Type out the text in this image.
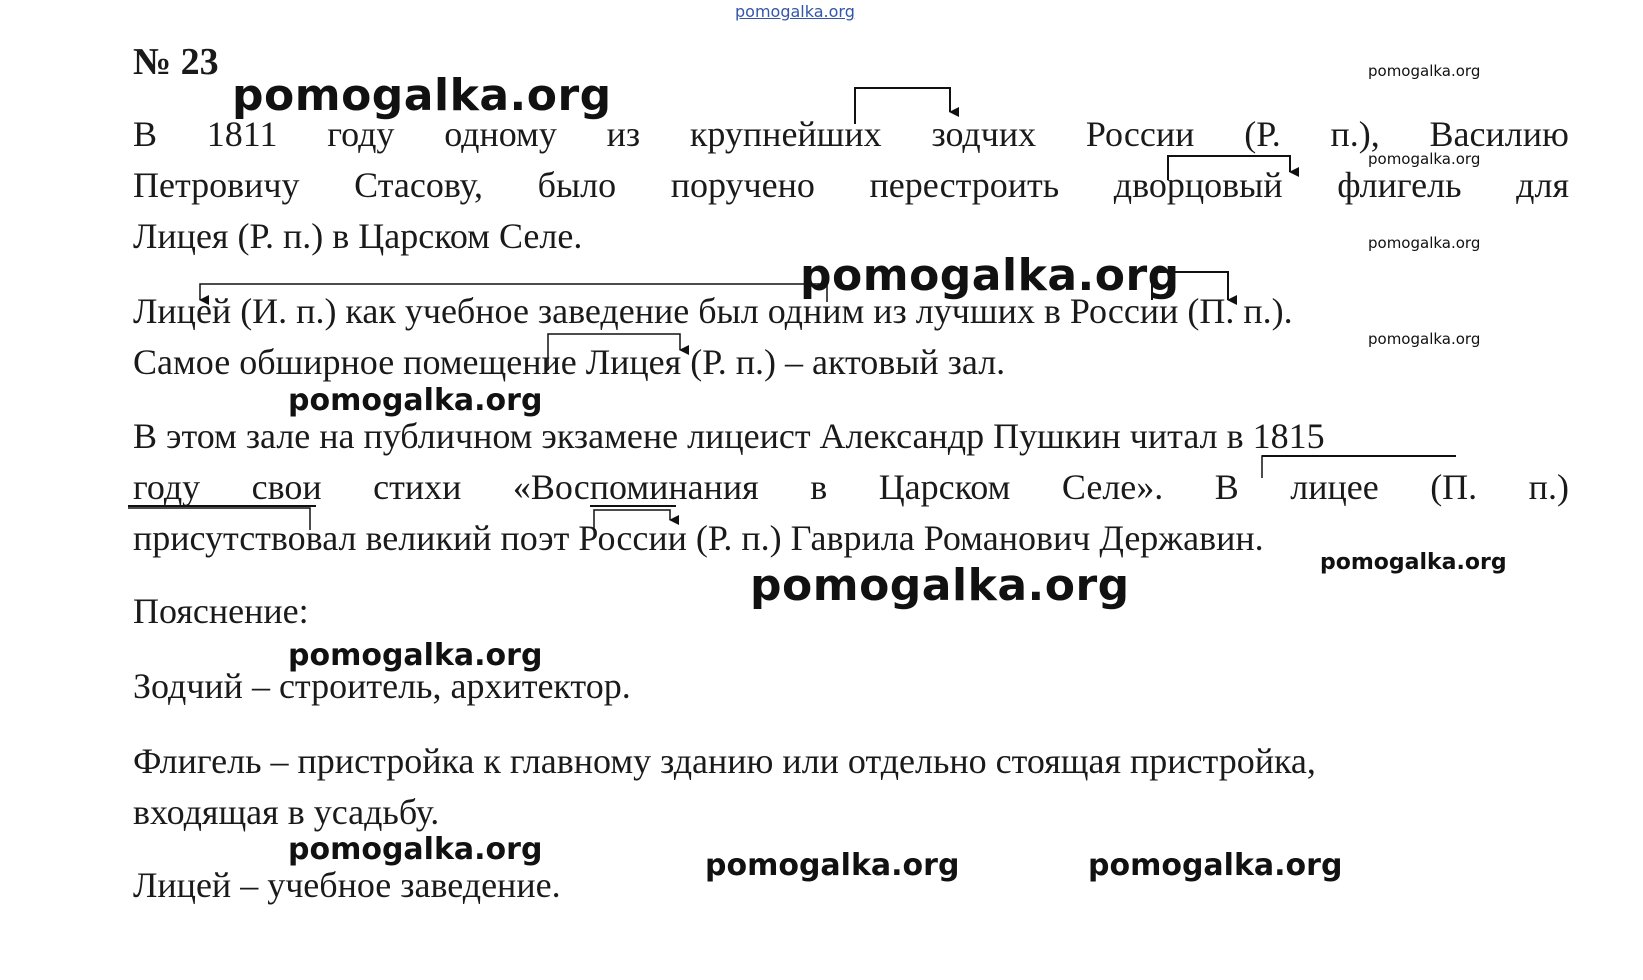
pomogalka.org
№ 23
В 1811 году одному из крупнейших зодчих России (Р. п.), Василию
Петровичу Стасову, было поручено перестроить дворцовый флигель для
Лицея (Р. п.) в Царском Селе.
Лицей (И. п.) как учебное заведение был одним из лучших в России (П. п.).
Самое обширное помещение Лицея (Р. п.) – актовый зал.
В этом зале на публичном экзамене лицеист Александр Пушкин читал в 1815
году свои стихи «Воспоминания в Царском Селе». В лицее (П. п.)
присутствовал великий поэт России (Р. п.) Гаврила Романович Державин.
Пояснение:
Зодчий – строитель, архитектор.
Флигель – пристройка к главному зданию или отдельно стоящая пристройка,
входящая в усадьбу.
Лицей – учебное заведение.
pomogalka.org
pomogalka.org
pomogalka.org
pomogalka.org
pomogalka.org
pomogalka.org
pomogalka.org
pomogalka.org
pomogalka.org
pomogalka.org
pomogalka.org	pomogalka.org	pomogalka.org
